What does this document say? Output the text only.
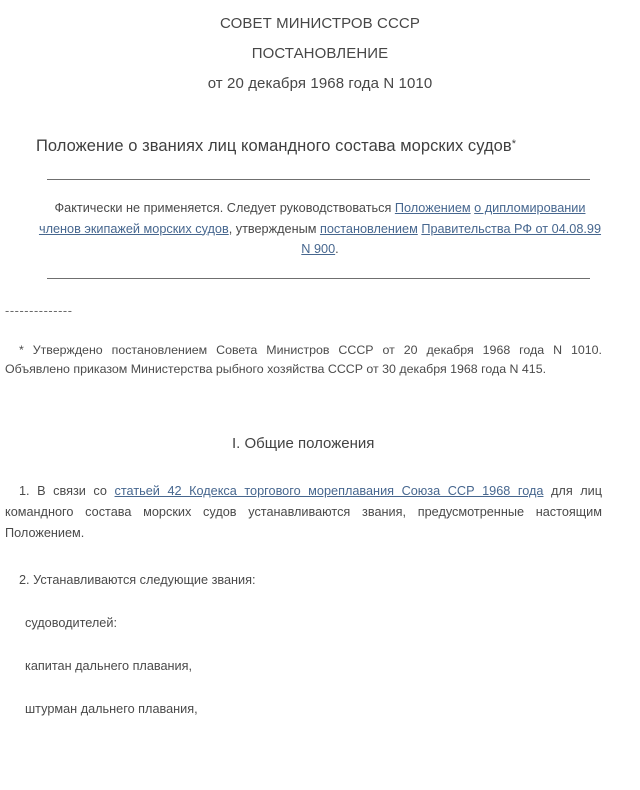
СОВЕТ МИНИСТРОВ СССР
ПОСТАНОВЛЕНИЕ
от 20 декабря 1968 года N 1010
Положение о званиях лиц командного состава морских судов*
Фактически не применяется. Следует руководствоваться Положением о дипломировании членов экипажей морских судов, утвержденым постановлением Правительства РФ от 04.08.99 N 900.
--------------
* Утверждено постановлением Совета Министров СССР от 20 декабря 1968 года N 1010.
Объявлено приказом Министерства рыбного хозяйства СССР от 30 декабря 1968 года N 415.
I. Общие положения
1. В связи со статьей 42 Кодекса торгового мореплавания Союза ССР 1968 года для лиц командного состава морских судов устанавливаются звания, предусмотренные настоящим Положением.
2. Устанавливаются следующие звания:
судоводителей:
капитан дальнего плавания,
штурман дальнего плавания,
